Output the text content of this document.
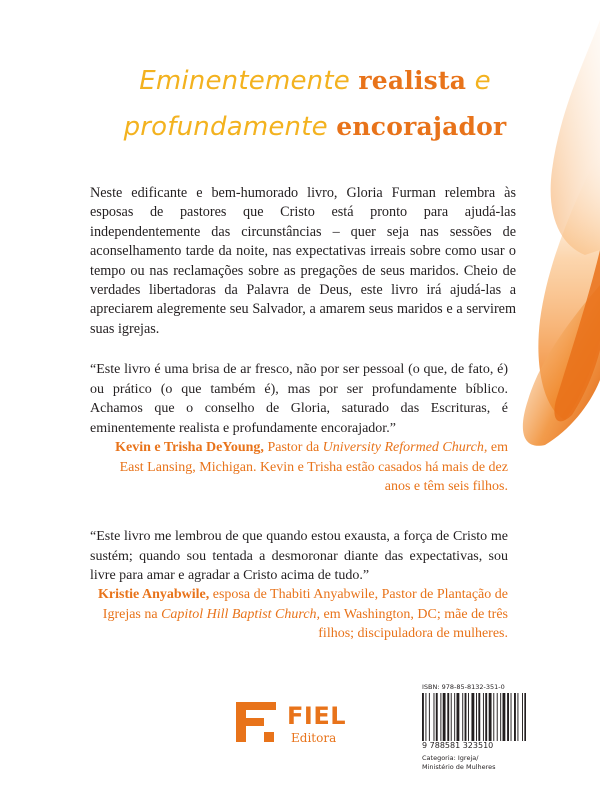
Eminentemente realista e
profundamente encorajador
Neste edificante e bem-humorado livro, Gloria Furman relembra às esposas de pastores que Cristo está pronto para ajudá-las independentemente das circunstâncias – quer seja nas sessões de aconselhamento tarde da noite, nas expectativas irreais sobre como usar o tempo ou nas reclamações sobre as pregações de seus maridos. Cheio de verdades libertadoras da Palavra de Deus, este livro irá ajudá-las a apreciarem alegremente seu Salvador, a amarem seus maridos e a servirem suas igrejas.
“Este livro é uma brisa de ar fresco, não por ser pessoal (o que, de fato, é) ou prático (o que também é), mas por ser profundamente bíblico. Achamos que o conselho de Gloria, saturado das Escrituras, é eminentemente realista e profundamente encorajador.”
Kevin e Trisha DeYoung, Pastor da University Reformed Church, em East Lansing, Michigan. Kevin e Trisha estão casados há mais de dez anos e têm seis filhos.
“Este livro me lembrou de que quando estou exausta, a força de Cristo me sustém; quando sou tentada a desmoronar diante das expectativas, sou livre para amar e agradar a Cristo acima de tudo.”
Kristie Anyabwile, esposa de Thabiti Anyabwile, Pastor de Plantação de Igrejas na Capitol Hill Baptist Church, em Washington, DC; mãe de três filhos; discipuladora de mulheres.
FIEL
Editora
ISBN: 978-85-8132-351-0
9 788581 323510
Categoria: Igreja/
Ministério de Mulheres
